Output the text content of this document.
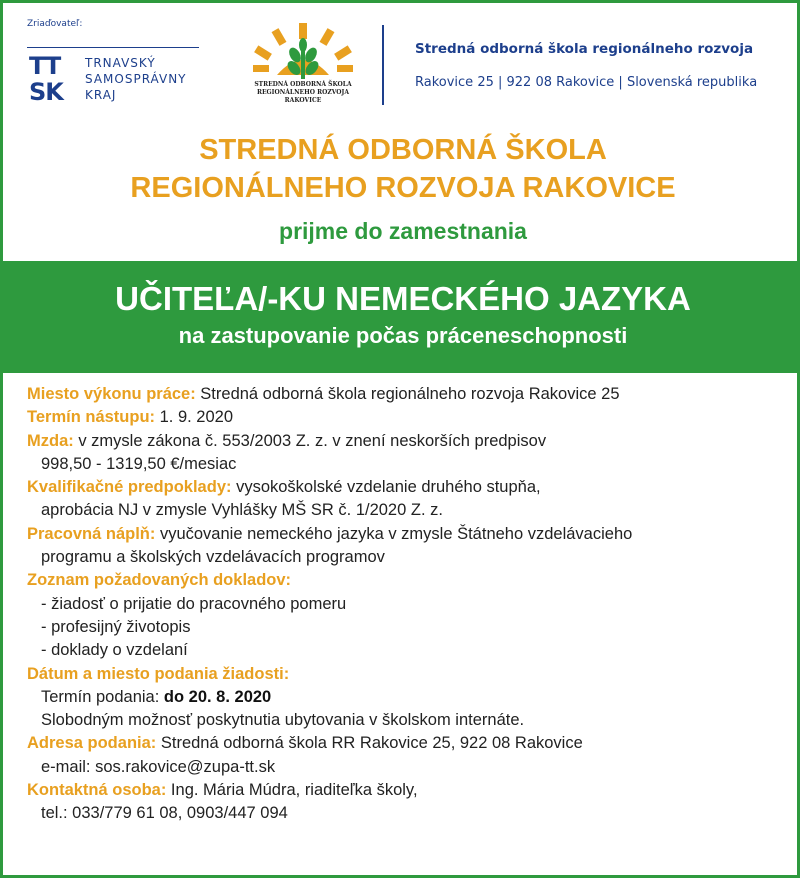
Zriaďovateľ:
TT
SK
TRNAVSKÝ
SAMOSPRÁVNY
KRAJ
STREDNÁ ODBORNÁ ŠKOLA
REGIONÁLNEHO ROZVOJA
RAKOVICE
Stredná odborná škola regionálneho rozvoja
Rakovice 25 | 922 08 Rakovice | Slovenská republika
STREDNÁ ODBORNÁ ŠKOLA
REGIONÁLNEHO ROZVOJA RAKOVICE
prijme do zamestnania
UČITEĽA/-KU NEMECKÉHO JAZYKA
na zastupovanie počas práceneschopnosti
Miesto výkonu práce: Stredná odborná škola regionálneho rozvoja Rakovice 25
Termín nástupu: 1. 9. 2020
Mzda: v zmysle zákona č. 553/2003 Z. z. v znení neskorších predpisov
998,50 - 1319,50 €/mesiac
Kvalifikačné predpoklady: vysokoškolské vzdelanie druhého stupňa,
aprobácia NJ v zmysle Vyhlášky MŠ SR č. 1/2020 Z. z.
Pracovná náplň: vyučovanie nemeckého jazyka v zmysle Štátneho vzdelávacieho
programu a školských vzdelávacích programov
Zoznam požadovaných dokladov:
- žiadosť o prijatie do pracovného pomeru
- profesijný životopis
- doklady o vzdelaní
Dátum a miesto podania žiadosti:
Termín podania: do 20. 8. 2020
Slobodným možnosť poskytnutia ubytovania v školskom internáte.
Adresa podania: Stredná odborná škola RR Rakovice 25, 922 08 Rakovice
e-mail: sos.rakovice@zupa-tt.sk
Kontaktná osoba: Ing. Mária Múdra, riaditeľka školy,
tel.: 033/779 61 08, 0903/447 094
